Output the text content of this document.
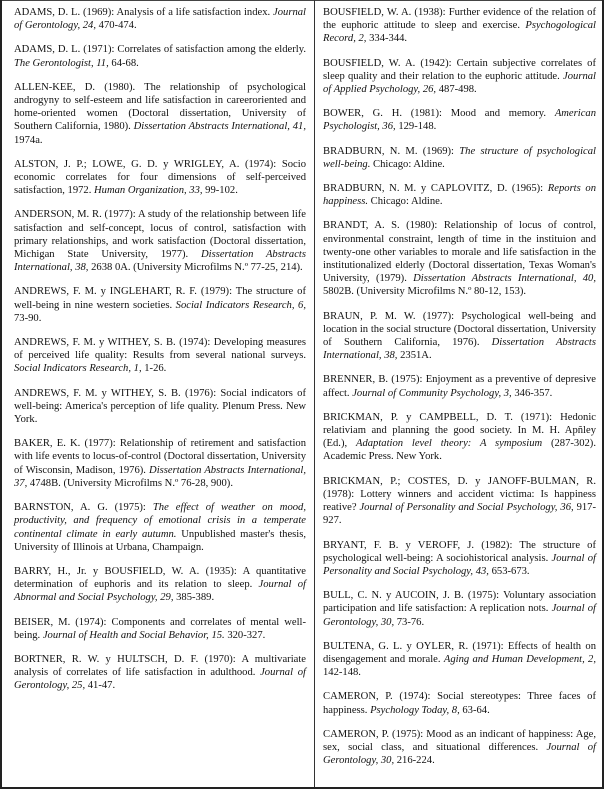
ADAMS, D. L. (1969): Analysis of a life satisfaction index. Journal of Gerontology, 24, 470-474.

ADAMS, D. L. (1971): Correlates of satisfaction among the elderly. The Gerontologist, 11, 64-68.

ALLEN-KEE, D. (1980). The relationship of psychological androgyny to self-esteem and life satisfaction in careeroriented and home-oriented women (Doctoral dissertation, University of Southern California, 1980). Dissertation Abstracts International, 41, 1974a.

ALSTON, J. P.; LOWE, G. D. y WRIGLEY, A. (1974): Socio economic correlates for four dimensions of self-perceived satisfaction, 1972. Human Organization, 33, 99-102.

ANDERSON, M. R. (1977): A study of the relationship between life satisfaction and self-concept, locus of control, satisfaction with primary relationships, and work satisfaction (Doctoral dissertation, Michigan State University, 1977). Dissertation Abstracts International, 38, 2638 0A. (University Microfilms N.º 77-25, 214).

ANDREWS, F. M. y INGLEHART, R. F. (1979): The structure of well-being in nine western societies. Social Indicators Research, 6, 73-90.

ANDREWS, F. M. y WITHEY, S. B. (1974): Developing measures of perceived life quality: Results from several national surveys. Social Indicators Research, 1, 1-26.

ANDREWS, F. M. y WITHEY, S. B. (1976): Social indicators of well-being: America's perception of life quality. Plenum Press. New York.

BAKER, E. K. (1977): Relationship of retirement and satisfaction with life events to locus-of-control (Doctoral dissertation, University of Wisconsin, Madison, 1976). Dissertation Abstracts International, 37, 4748B. (University Microfilms N.º 76-28, 900).

BARNSTON, A. G. (1975): The effect of weather on mood, productivity, and frequency of emotional crisis in a temperate continental climate in early autumn. Unpublished master's thesis, University of Illinois at Urbana, Champaign.

BARRY, H., Jr. y BOUSFIELD, W. A. (1935): A quantitative determination of euphoris and its relation to sleep. Journal of Abnormal and Social Psychology, 29, 385-389.

BEISER, M. (1974): Components and correlates of mental well-being. Journal of Health and Social Behavior, 15. 320-327.

BORTNER, R. W. y HULTSCH, D. F. (1970): A multivariate analysis of correlates of life satisfaction in adulthood. Journal of Gerontology, 25, 41-47.

BOUSFIELD, W. A. (1938): Further evidence of the relation of the euphoric attitude to sleep and exercise. Psychogological Record, 2, 334-344.

BOUSFIELD, W. A. (1942): Certain subjective correlates of sleep quality and their relation to the euphoric attitude. Journal of Applied Psychology, 26, 487-498.

BOWER, G. H. (1981): Mood and memory. American Psychologist, 36, 129-148.

BRADBURN, N. M. (1969): The structure of psychological well-being. Chicago: Aldine.

BRADBURN, N. M. y CAPLOVITZ, D. (1965): Reports on happiness. Chicago: Aldine.

BRANDT, A. S. (1980): Relationship of locus of control, environmental constraint, length of time in the instituion and twenty-one other variables to morale and life satisfaction in the institutionalized elderly (Doctoral dissertation, Texas Woman's University, (1979). Dissertation Abstracts International, 40, 5802B. (University Microfilms N.º 80-12, 153).

BRAUN, P. M. W. (1977): Psychological well-being and location in the social structure (Doctoral dissertation, University of Southern California, 1976). Dissertation Abstracts International, 38, 2351A.

BRENNER, B. (1975): Enjoyment as a preventive of depresive affect. Journal of Community Psychology, 3, 346-357.

BRICKMAN, P. y CAMPBELL, D. T. (1971): Hedonic relativiam and planning the good society. In M. H. Apñley (Ed.), Adaptation level theory: A symposium (287-302). Academic Press. New York.

BRICKMAN, P.; COSTES, D. y JANOFF-BULMAN, R. (1978): Lottery winners and accident victima: Is happiness reative? Journal of Personality and Social Psychology, 36, 917-927.

BRYANT, F. B. y VEROFF, J. (1982): The structure of psychological well-being: A sociohistorical analysis. Journal of Personality and Social Psychology, 43, 653-673.

BULL, C. N. y AUCOIN, J. B. (1975): Voluntary association participation and life satisfaction: A replication nots. Journal of Gerontology, 30, 73-76.

BULTENA, G. L. y OYLER, R. (1971): Effects of health on disengagement and morale. Aging and Human Development, 2, 142-148.

CAMERON, P. (1974): Social stereotypes: Three faces of happiness. Psychology Today, 8, 63-64.

CAMERON, P. (1975): Mood as an indicant of happiness: Age, sex, social class, and situational differences. Journal of Gerontology, 30, 216-224.
